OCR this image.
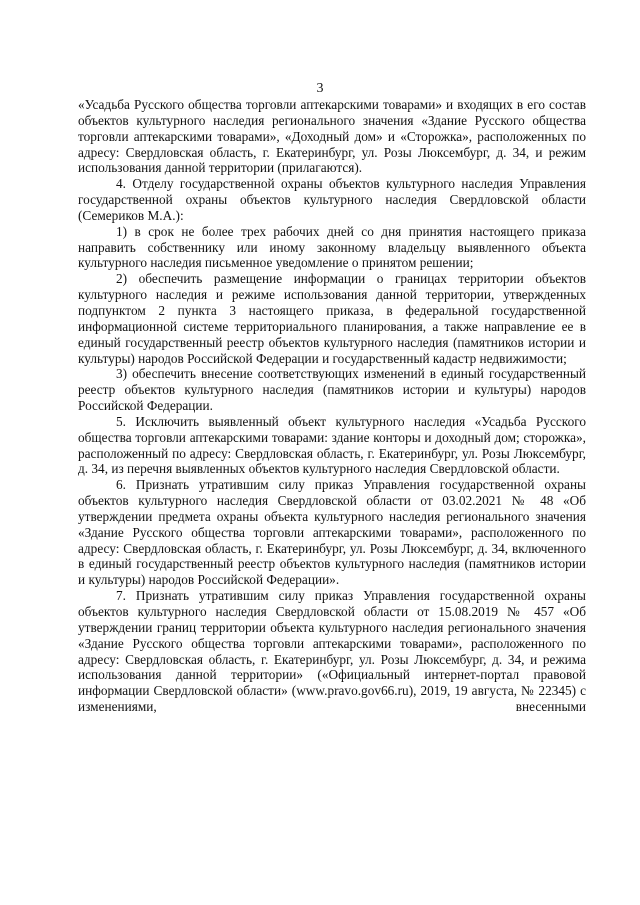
3

«Усадьба Русского общества торговли аптекарскими товарами» и входящих в его состав объектов культурного наследия регионального значения «Здание Русского общества торговли аптекарскими товарами», «Доходный дом» и «Сторожка», расположенных по адресу: Свердловская область, г. Екатеринбург, ул. Розы Люксембург, д. 34, и режим использования данной территории (прилагаются).

4. Отделу государственной охраны объектов культурного наследия Управления государственной охраны объектов культурного наследия Свердловской области (Семериков М.А.):

1) в срок не более трех рабочих дней со дня принятия настоящего приказа направить собственнику или иному законному владельцу выявленного объекта культурного наследия письменное уведомление о принятом решении;

2) обеспечить размещение информации о границах территории объектов культурного наследия и режиме использования данной территории, утвержденных подпунктом 2 пункта 3 настоящего приказа, в федеральной государственной информационной системе территориального планирования, а также направление ее в единый государственный реестр объектов культурного наследия (памятников истории и культуры) народов Российской Федерации и государственный кадастр недвижимости;

3) обеспечить внесение соответствующих изменений в единый государственный реестр объектов культурного наследия (памятников истории и культуры) народов Российской Федерации.

5. Исключить выявленный объект культурного наследия «Усадьба Русского общества торговли аптекарскими товарами: здание конторы и доходный дом; сторожка», расположенный по адресу: Свердловская область, г. Екатеринбург, ул. Розы Люксембург, д. 34, из перечня выявленных объектов культурного наследия Свердловской области.

6. Признать утратившим силу приказ Управления государственной охраны объектов культурного наследия Свердловской области от 03.02.2021 № 48 «Об утверждении предмета охраны объекта культурного наследия регионального значения «Здание Русского общества торговли аптекарскими товарами», расположенного по адресу: Свердловская область, г. Екатеринбург, ул. Розы Люксембург, д. 34, включенного в единый государственный реестр объектов культурного наследия (памятников истории и культуры) народов Российской Федерации».

7. Признать утратившим силу приказ Управления государственной охраны объектов культурного наследия Свердловской области от 15.08.2019 № 457 «Об утверждении границ территории объекта культурного наследия регионального значения «Здание Русского общества торговли аптекарскими товарами», расположенного по адресу: Свердловская область, г. Екатеринбург, ул. Розы Люксембург, д. 34, и режима использования данной территории» («Официальный интернет-портал правовой информации Свердловской области» (www.pravo.gov66.ru), 2019, 19 августа, № 22345) с изменениями, внесенными
